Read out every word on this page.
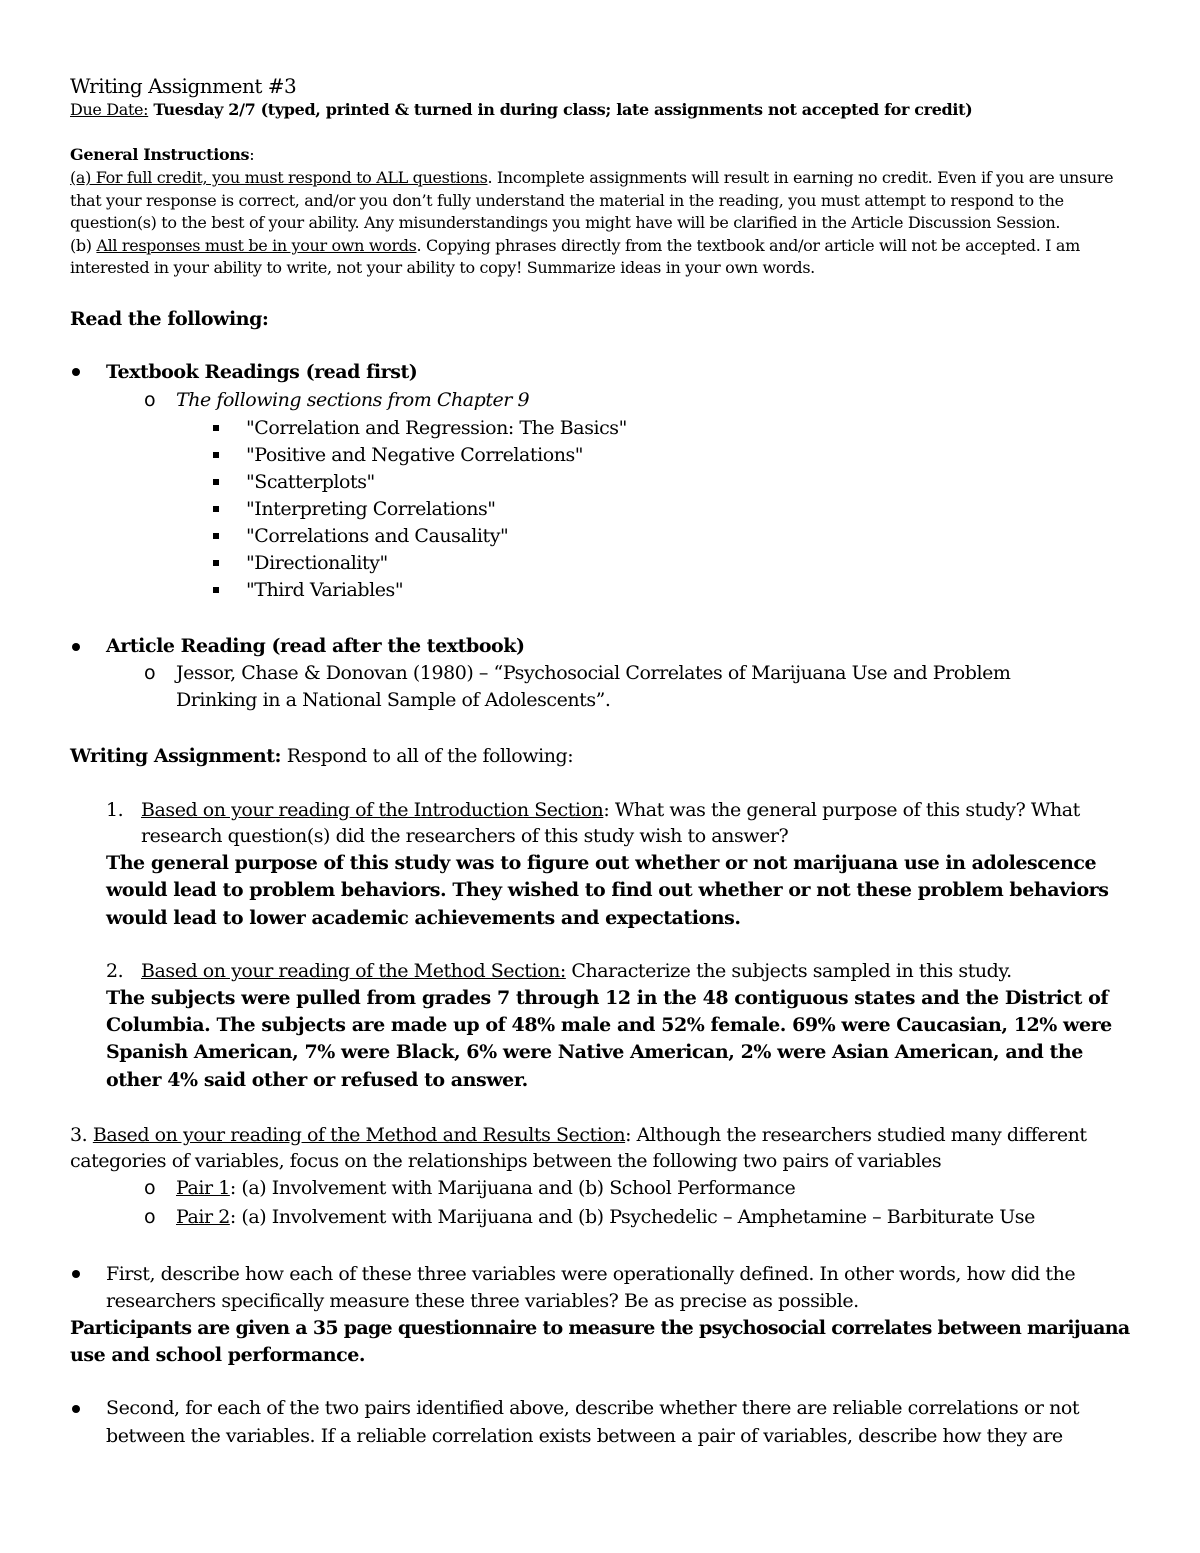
Writing Assignment #3
Due Date: Tuesday 2/7 (typed, printed & turned in during class; late assignments not accepted for credit)
General Instructions:
(a) For full credit, you must respond to ALL questions. Incomplete assignments will result in earning no credit. Even if you are unsure
that your response is correct, and/or you don’t fully understand the material in the reading, you must attempt to respond to the
question(s) to the best of your ability. Any misunderstandings you might have will be clarified in the Article Discussion Session.
(b) All responses must be in your own words. Copying phrases directly from the textbook and/or article will not be accepted. I am
interested in your ability to write, not your ability to copy! Summarize ideas in your own words.
Read the following:
Textbook Readings (read first)
o The following sections from Chapter 9
"Correlation and Regression: The Basics"
"Positive and Negative Correlations"
"Scatterplots"
"Interpreting Correlations"
"Correlations and Causality"
"Directionality"
"Third Variables"
Article Reading (read after the textbook)
o Jessor, Chase & Donovan (1980) – “Psychosocial Correlates of Marijuana Use and Problem
Drinking in a National Sample of Adolescents”.
Writing Assignment: Respond to all of the following:
1. Based on your reading of the Introduction Section: What was the general purpose of this study? What
research question(s) did the researchers of this study wish to answer?
The general purpose of this study was to figure out whether or not marijuana use in adolescence
would lead to problem behaviors. They wished to find out whether or not these problem behaviors
would lead to lower academic achievements and expectations.
2. Based on your reading of the Method Section: Characterize the subjects sampled in this study.
The subjects were pulled from grades 7 through 12 in the 48 contiguous states and the District of
Columbia. The subjects are made up of 48% male and 52% female. 69% were Caucasian, 12% were
Spanish American, 7% were Black, 6% were Native American, 2% were Asian American, and the
other 4% said other or refused to answer.
3. Based on your reading of the Method and Results Section: Although the researchers studied many different
categories of variables, focus on the relationships between the following two pairs of variables
o Pair 1: (a) Involvement with Marijuana and (b) School Performance
o Pair 2: (a) Involvement with Marijuana and (b) Psychedelic – Amphetamine – Barbiturate Use
First, describe how each of these three variables were operationally defined. In other words, how did the
researchers specifically measure these three variables? Be as precise as possible.
Participants are given a 35 page questionnaire to measure the psychosocial correlates between marijuana
use and school performance.
Second, for each of the two pairs identified above, describe whether there are reliable correlations or not
between the variables. If a reliable correlation exists between a pair of variables, describe how they are
